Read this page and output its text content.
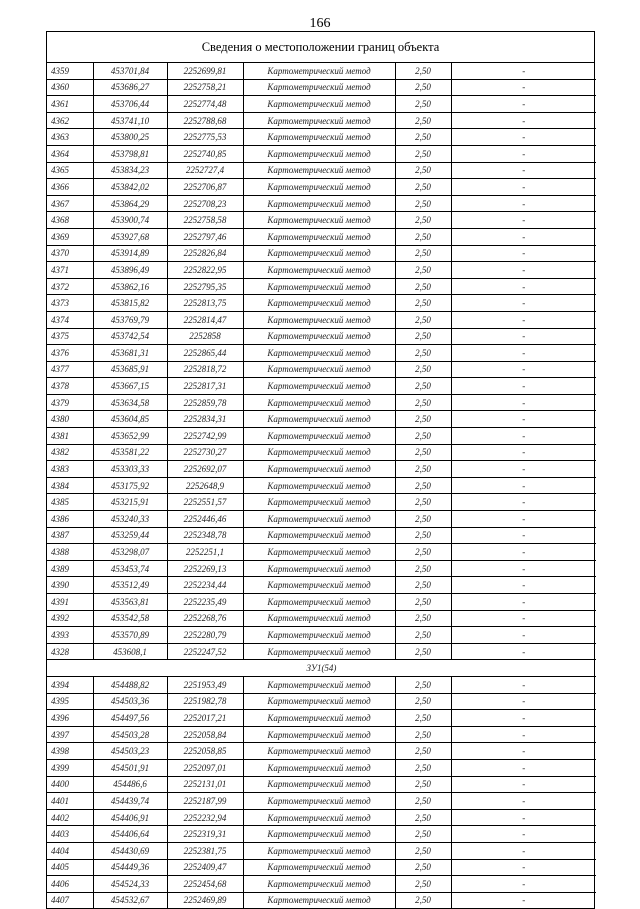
166
Сведения о местоположении границ объекта
4359	453701,84	2252699,81	Картометрический метод	2,50	-
4360	453686,27	2252758,21	Картометрический метод	2,50	-
4361	453706,44	2252774,48	Картометрический метод	2,50	-
4362	453741,10	2252788,68	Картометрический метод	2,50	-
4363	453800,25	2252775,53	Картометрический метод	2,50	-
4364	453798,81	2252740,85	Картометрический метод	2,50	-
4365	453834,23	2252727,4	Картометрический метод	2,50	-
4366	453842,02	2252706,87	Картометрический метод	2,50	-
4367	453864,29	2252708,23	Картометрический метод	2,50	-
4368	453900,74	2252758,58	Картометрический метод	2,50	-
4369	453927,68	2252797,46	Картометрический метод	2,50	-
4370	453914,89	2252826,84	Картометрический метод	2,50	-
4371	453896,49	2252822,95	Картометрический метод	2,50	-
4372	453862,16	2252795,35	Картометрический метод	2,50	-
4373	453815,82	2252813,75	Картометрический метод	2,50	-
4374	453769,79	2252814,47	Картометрический метод	2,50	-
4375	453742,54	2252858	Картометрический метод	2,50	-
4376	453681,31	2252865,44	Картометрический метод	2,50	-
4377	453685,91	2252818,72	Картометрический метод	2,50	-
4378	453667,15	2252817,31	Картометрический метод	2,50	-
4379	453634,58	2252859,78	Картометрический метод	2,50	-
4380	453604,85	2252834,31	Картометрический метод	2,50	-
4381	453652,99	2252742,99	Картометрический метод	2,50	-
4382	453581,22	2252730,27	Картометрический метод	2,50	-
4383	453303,33	2252692,07	Картометрический метод	2,50	-
4384	453175,92	2252648,9	Картометрический метод	2,50	-
4385	453215,91	2252551,57	Картометрический метод	2,50	-
4386	453240,33	2252446,46	Картометрический метод	2,50	-
4387	453259,44	2252348,78	Картометрический метод	2,50	-
4388	453298,07	2252251,1	Картометрический метод	2,50	-
4389	453453,74	2252269,13	Картометрический метод	2,50	-
4390	453512,49	2252234,44	Картометрический метод	2,50	-
4391	453563,81	2252235,49	Картометрический метод	2,50	-
4392	453542,58	2252268,76	Картометрический метод	2,50	-
4393	453570,89	2252280,79	Картометрический метод	2,50	-
4328	453608,1	2252247,52	Картометрический метод	2,50	-
ЗУ1(54)					
4394	454488,82	2251953,49	Картометрический метод	2,50	-
4395	454503,36	2251982,78	Картометрический метод	2,50	-
4396	454497,56	2252017,21	Картометрический метод	2,50	-
4397	454503,28	2252058,84	Картометрический метод	2,50	-
4398	454503,23	2252058,85	Картометрический метод	2,50	-
4399	454501,91	2252097,01	Картометрический метод	2,50	-
4400	454486,6	2252131,01	Картометрический метод	2,50	-
4401	454439,74	2252187,99	Картометрический метод	2,50	-
4402	454406,91	2252232,94	Картометрический метод	2,50	-
4403	454406,64	2252319,31	Картометрический метод	2,50	-
4404	454430,69	2252381,75	Картометрический метод	2,50	-
4405	454449,36	2252409,47	Картометрический метод	2,50	-
4406	454524,33	2252454,68	Картометрический метод	2,50	-
4407	454532,67	2252469,89	Картометрический метод	2,50	-
